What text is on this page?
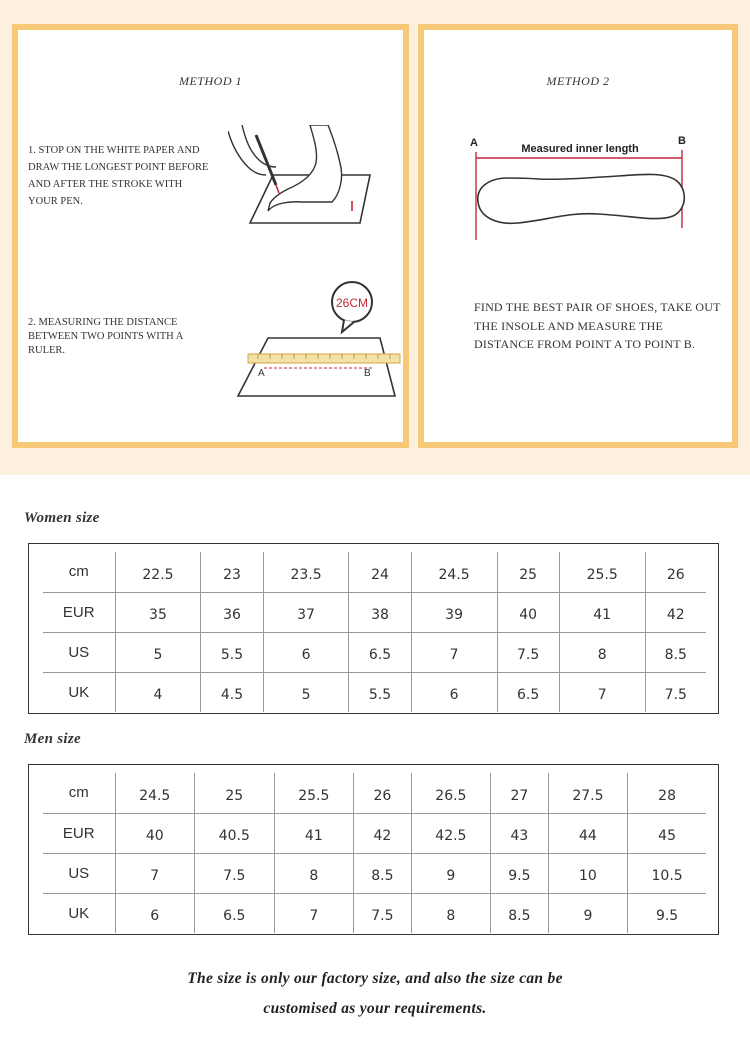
METHOD 1
1. STOP ON THE WHITE PAPER AND DRAW THE LONGEST POINT BEFORE AND AFTER THE STROKE WITH YOUR PEN.
2. MEASURING THE DISTANCE BETWEEN TWO POINTS WITH A RULER.
26CM
A	B
METHOD 2
A	B
Measured inner length
FIND THE BEST PAIR OF SHOES, TAKE OUT THE INSOLE AND MEASURE THE DISTANCE FROM POINT A TO POINT B.
Women size
cm	22.5	23	23.5	24	24.5	25	25.5	26
EUR	35	36	37	38	39	40	41	42
US	5	5.5	6	6.5	7	7.5	8	8.5
UK	4	4.5	5	5.5	6	6.5	7	7.5
Men size
cm	24.5	25	25.5	26	26.5	27	27.5	28
EUR	40	40.5	41	42	42.5	43	44	45
US	7	7.5	8	8.5	9	9.5	10	10.5
UK	6	6.5	7	7.5	8	8.5	9	9.5
The size is only our factory size, and also the size can be
customised as your requirements.
